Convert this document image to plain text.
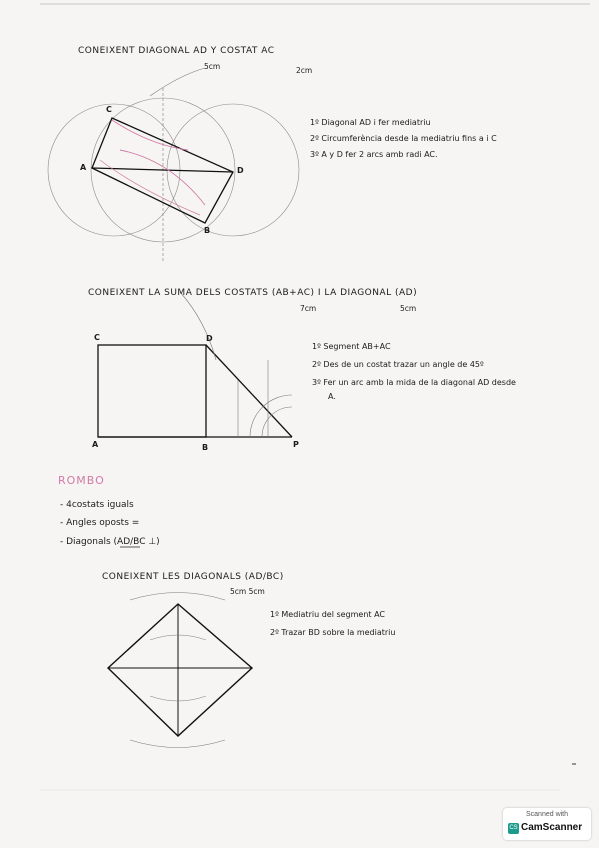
CONEIXENT DIAGONAL AD Y COSTAT AC
5cm	2cm
C
A	D
B
1º Diagonal AD i fer mediatriu
2º Circumferència desde la mediatriu fins a i C
3º A y D fer 2 arcs amb radi AC.
CONEIXENT LA SUMA DELS COSTATS (AB+AC) I LA DIAGONAL (AD)
7cm	5cm
C	D
A	B	P
1º Segment AB+AC
2º Des de un costat trazar un angle de 45º
3º Fer un arc amb la mida de la diagonal AD desde
A.
ROMBO
- 4costats iguals
- Angles oposts =
- Diagonals (AD/BC ⊥)
CONEIXENT LES DIAGONALS (AD/BC)
5cm 5cm
1º Mediatriu del segment AC
2º Trazar BD sobre la mediatriu
Scanned with
CS CamScanner
